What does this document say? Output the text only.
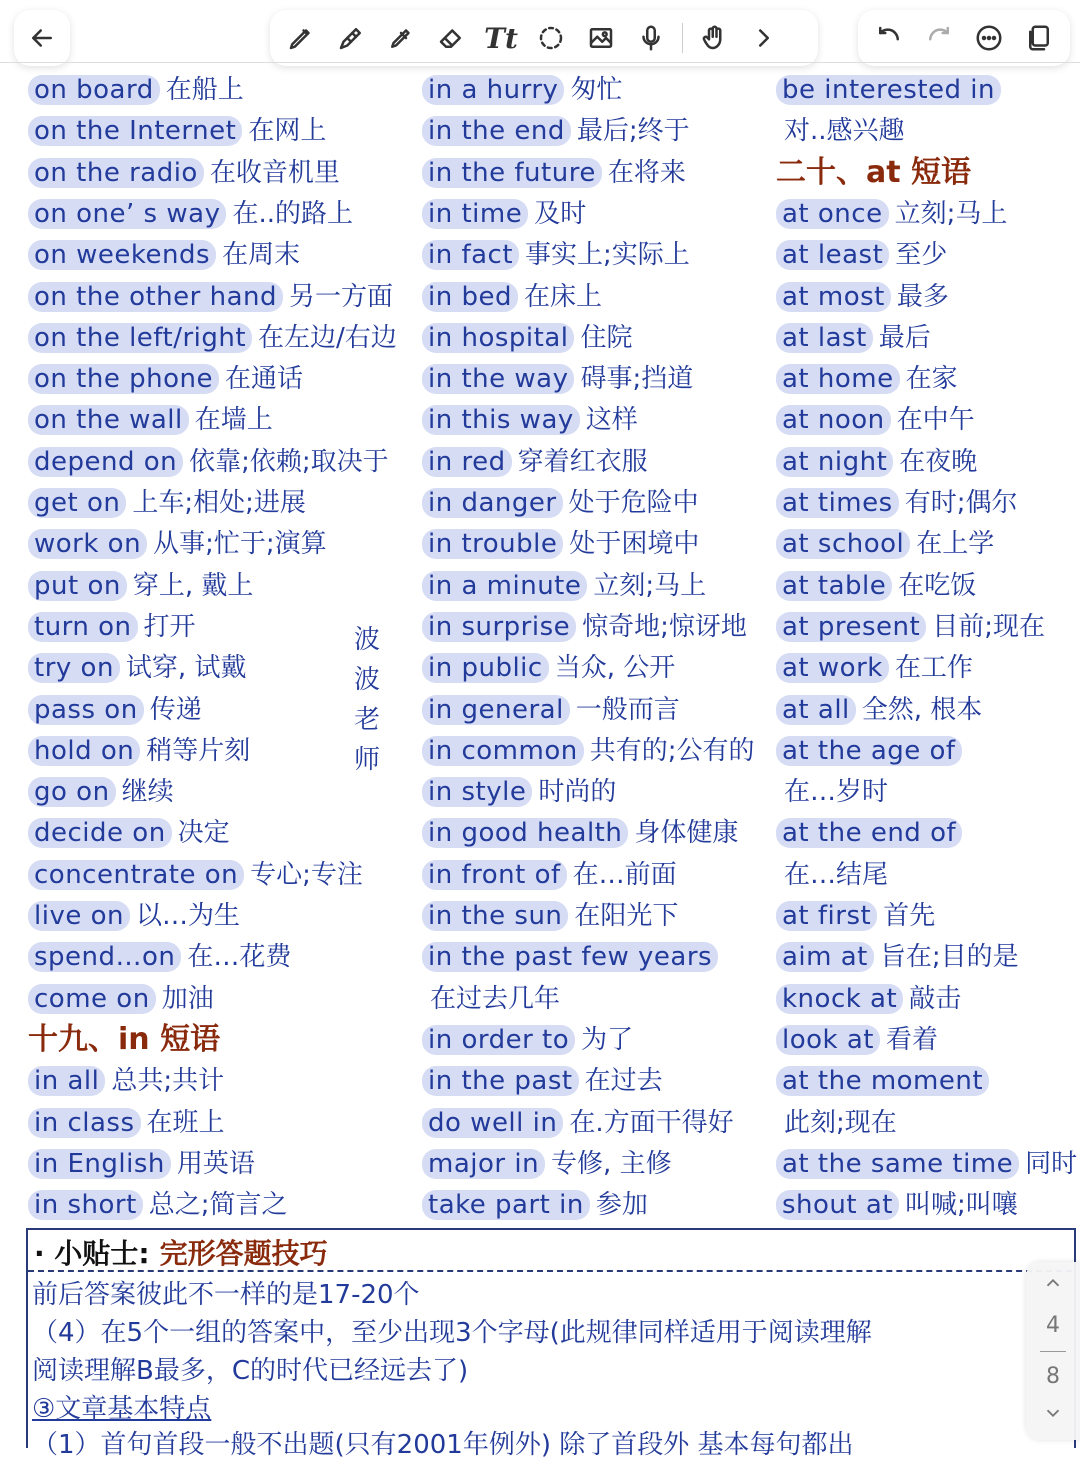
Tt
on board 在船上
on the Internet 在网上
on the radio 在收音机里
on one’ s way 在..的路上
on weekends 在周末
on the other hand 另一方面
on the left/right 在左边/右边
on the phone 在通话
on the wall 在墙上
depend on 依靠;依赖;取决于
get on 上车;相处;进展
work on 从事;忙于;演算
put on 穿上, 戴上
turn on 打开
try on 试穿, 试戴
pass on 传递
hold on 稍等片刻
go on 继续
decide on 决定
concentrate on 专心;专注
live on 以…为生
spend…on 在…花费
come on 加油
十九、in 短语
in all 总共;共计
in class 在班上
in English 用英语
in short 总之;简言之
in a hurry 匆忙
in the end 最后;终于
in the future 在将来
in time 及时
in fact 事实上;实际上
in bed 在床上
in hospital 住院
in the way 碍事;挡道
in this way 这样
in red 穿着红衣服
in danger 处于危险中
in trouble 处于困境中
in a minute 立刻;马上
in surprise 惊奇地;惊讶地
in public 当众, 公开
in general 一般而言
in common 共有的;公有的
in style 时尚的
in good health 身体健康
in front of 在…前面
in the sun 在阳光下
in the past few years
在过去几年
in order to 为了
in the past 在过去
do well in 在.方面干得好
major in 专修, 主修
take part in 参加
be interested in
对..感兴趣
二十、at 短语
at once 立刻;马上
at least 至少
at most 最多
at last 最后
at home 在家
at noon 在中午
at night 在夜晚
at times 有时;偶尔
at school 在上学
at table 在吃饭
at present 目前;现在
at work 在工作
at all 全然, 根本
at the age of
在…岁时
at the end of
在…结尾
at first 首先
aim at 旨在;目的是
knock at 敲击
look at 看着
at the moment
此刻;现在
at the same time 同时
shout at 叫喊;叫嚷
波
波
老
师
· 小贴士: 完形答题技巧
前后答案彼此不一样的是17-20个
（4）在5个一组的答案中，至少出现3个字母(此规律同样适用于阅读理解
阅读理解B最多，C的时代已经远去了)
③文章基本特点
（1）首句首段一般不出题(只有2001年例外) 除了首段外 基本每句都出
4
8
